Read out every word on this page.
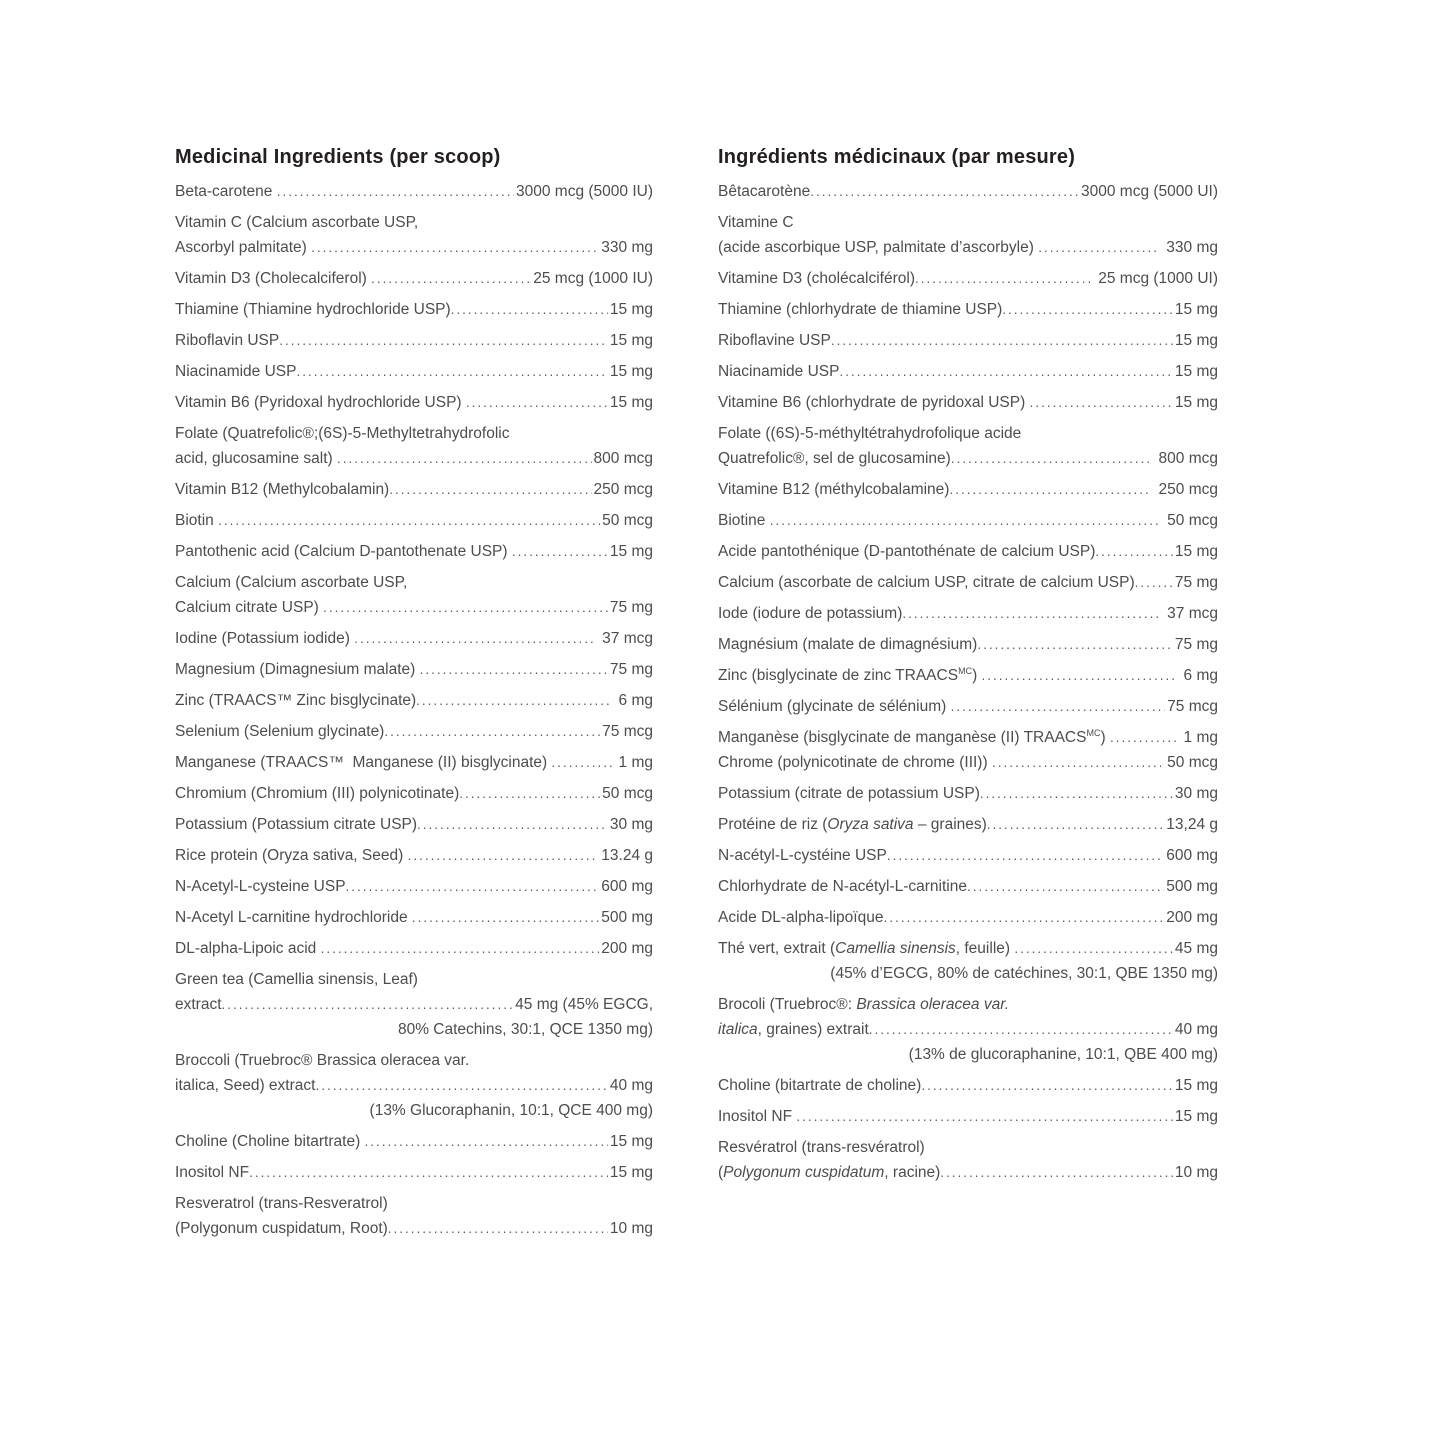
Medicinal Ingredients (per scoop)
Beta-carotene .....	3000 mcg (5000 IU)
Vitamin C (Calcium ascorbate USP,
Ascorbyl palmitate) .....	330 mg
Vitamin D3 (Cholecalciferol) .....	25 mcg (1000 IU)
Thiamine (Thiamine hydrochloride USP) .....	15 mg
Riboflavin USP .....	15 mg
Niacinamide USP .....	15 mg
Vitamin B6 (Pyridoxal hydrochloride USP) .....	15 mg
Folate (Quatrefolic®;(6S)-5-Methyltetrahydrofolic
acid, glucosamine salt) .....	800 mcg
Vitamin B12 (Methylcobalamin) .....	250 mcg
Biotin .....	50 mcg
Pantothenic acid (Calcium D-pantothenate USP) .....	15 mg
Calcium (Calcium ascorbate USP,
Calcium citrate USP) .....	75 mg
Iodine (Potassium iodide) .....	37 mcg
Magnesium (Dimagnesium malate) .....	75 mg
Zinc (TRAACS™ Zinc bisglycinate) .....	6 mg
Selenium (Selenium glycinate) .....	75 mcg
Manganese (TRAACS™  Manganese (II) bisglycinate) .....	1 mg
Chromium (Chromium (III) polynicotinate) .....	50 mcg
Potassium (Potassium citrate USP) .....	30 mg
Rice protein (Oryza sativa, Seed) .....	13.24 g
N-Acetyl-L-cysteine USP .....	600 mg
N-Acetyl L-carnitine hydrochloride .....	500 mg
DL-alpha-Lipoic acid .....	200 mg
Green tea (Camellia sinensis, Leaf)
extract .....	45 mg (45% EGCG,
80% Catechins, 30:1, QCE 1350 mg)
Broccoli (Truebroc® Brassica oleracea var.
italica, Seed) extract .....	40 mg
(13% Glucoraphanin, 10:1, QCE 400 mg)
Choline (Choline bitartrate) .....	15 mg
Inositol NF .....	15 mg
Resveratrol (trans-Resveratrol)
(Polygonum cuspidatum, Root) .....	10 mg
Ingrédients médicinaux (par mesure)
Bêtacarotène .....	3000 mcg (5000 UI)
Vitamine C
(acide ascorbique USP, palmitate d’ascorbyle) .....	330 mg
Vitamine D3 (cholécalciférol) .....	25 mcg (1000 UI)
Thiamine (chlorhydrate de thiamine USP) .....	15 mg
Riboflavine USP .....	15 mg
Niacinamide USP .....	15 mg
Vitamine B6 (chlorhydrate de pyridoxal USP) .....	15 mg
Folate ((6S)-5-méthyltétrahydrofolique acide
Quatrefolic®, sel de glucosamine) .....	800 mcg
Vitamine B12 (méthylcobalamine) .....	250 mcg
Biotine .....	50 mcg
Acide pantothénique (D-pantothénate de calcium USP) .....	15 mg
Calcium (ascorbate de calcium USP, citrate de calcium USP) .....	75 mg
Iode (iodure de potassium) .....	37 mcg
Magnésium (malate de dimagnésium) .....	75 mg
Zinc (bisglycinate de zinc $TRAACS^{MC}$) .....	6 mg
Sélénium (glycinate de sélénium) .....	75 mcg
Manganèse (bisglycinate de manganèse (II) $TRAACS^{MC}$) .....	1 mg
Chrome (polynicotinate de chrome (III)) .....	50 mcg
Potassium (citrate de potassium USP) .....	30 mg
Protéine de riz (Oryza sativa – graines) .....	13,24 g
N-acétyl-L-cystéine USP .....	600 mg
Chlorhydrate de N-acétyl-L-carnitine .....	500 mg
Acide DL-alpha-lipoïque .....	200 mg
Thé vert, extrait (Camellia sinensis, feuille) .....	45 mg
(45% d’EGCG, 80% de catéchines, 30:1, QBE 1350 mg)
Brocoli (Truebroc®: Brassica oleracea var.
italica, graines) extrait .....	40 mg
(13% de glucoraphanine, 10:1, QBE 400 mg)
Choline (bitartrate de choline) .....	15 mg
Inositol NF .....	15 mg
Resvératrol (trans-resvératrol)
(Polygonum cuspidatum, racine) .....	10 mg
